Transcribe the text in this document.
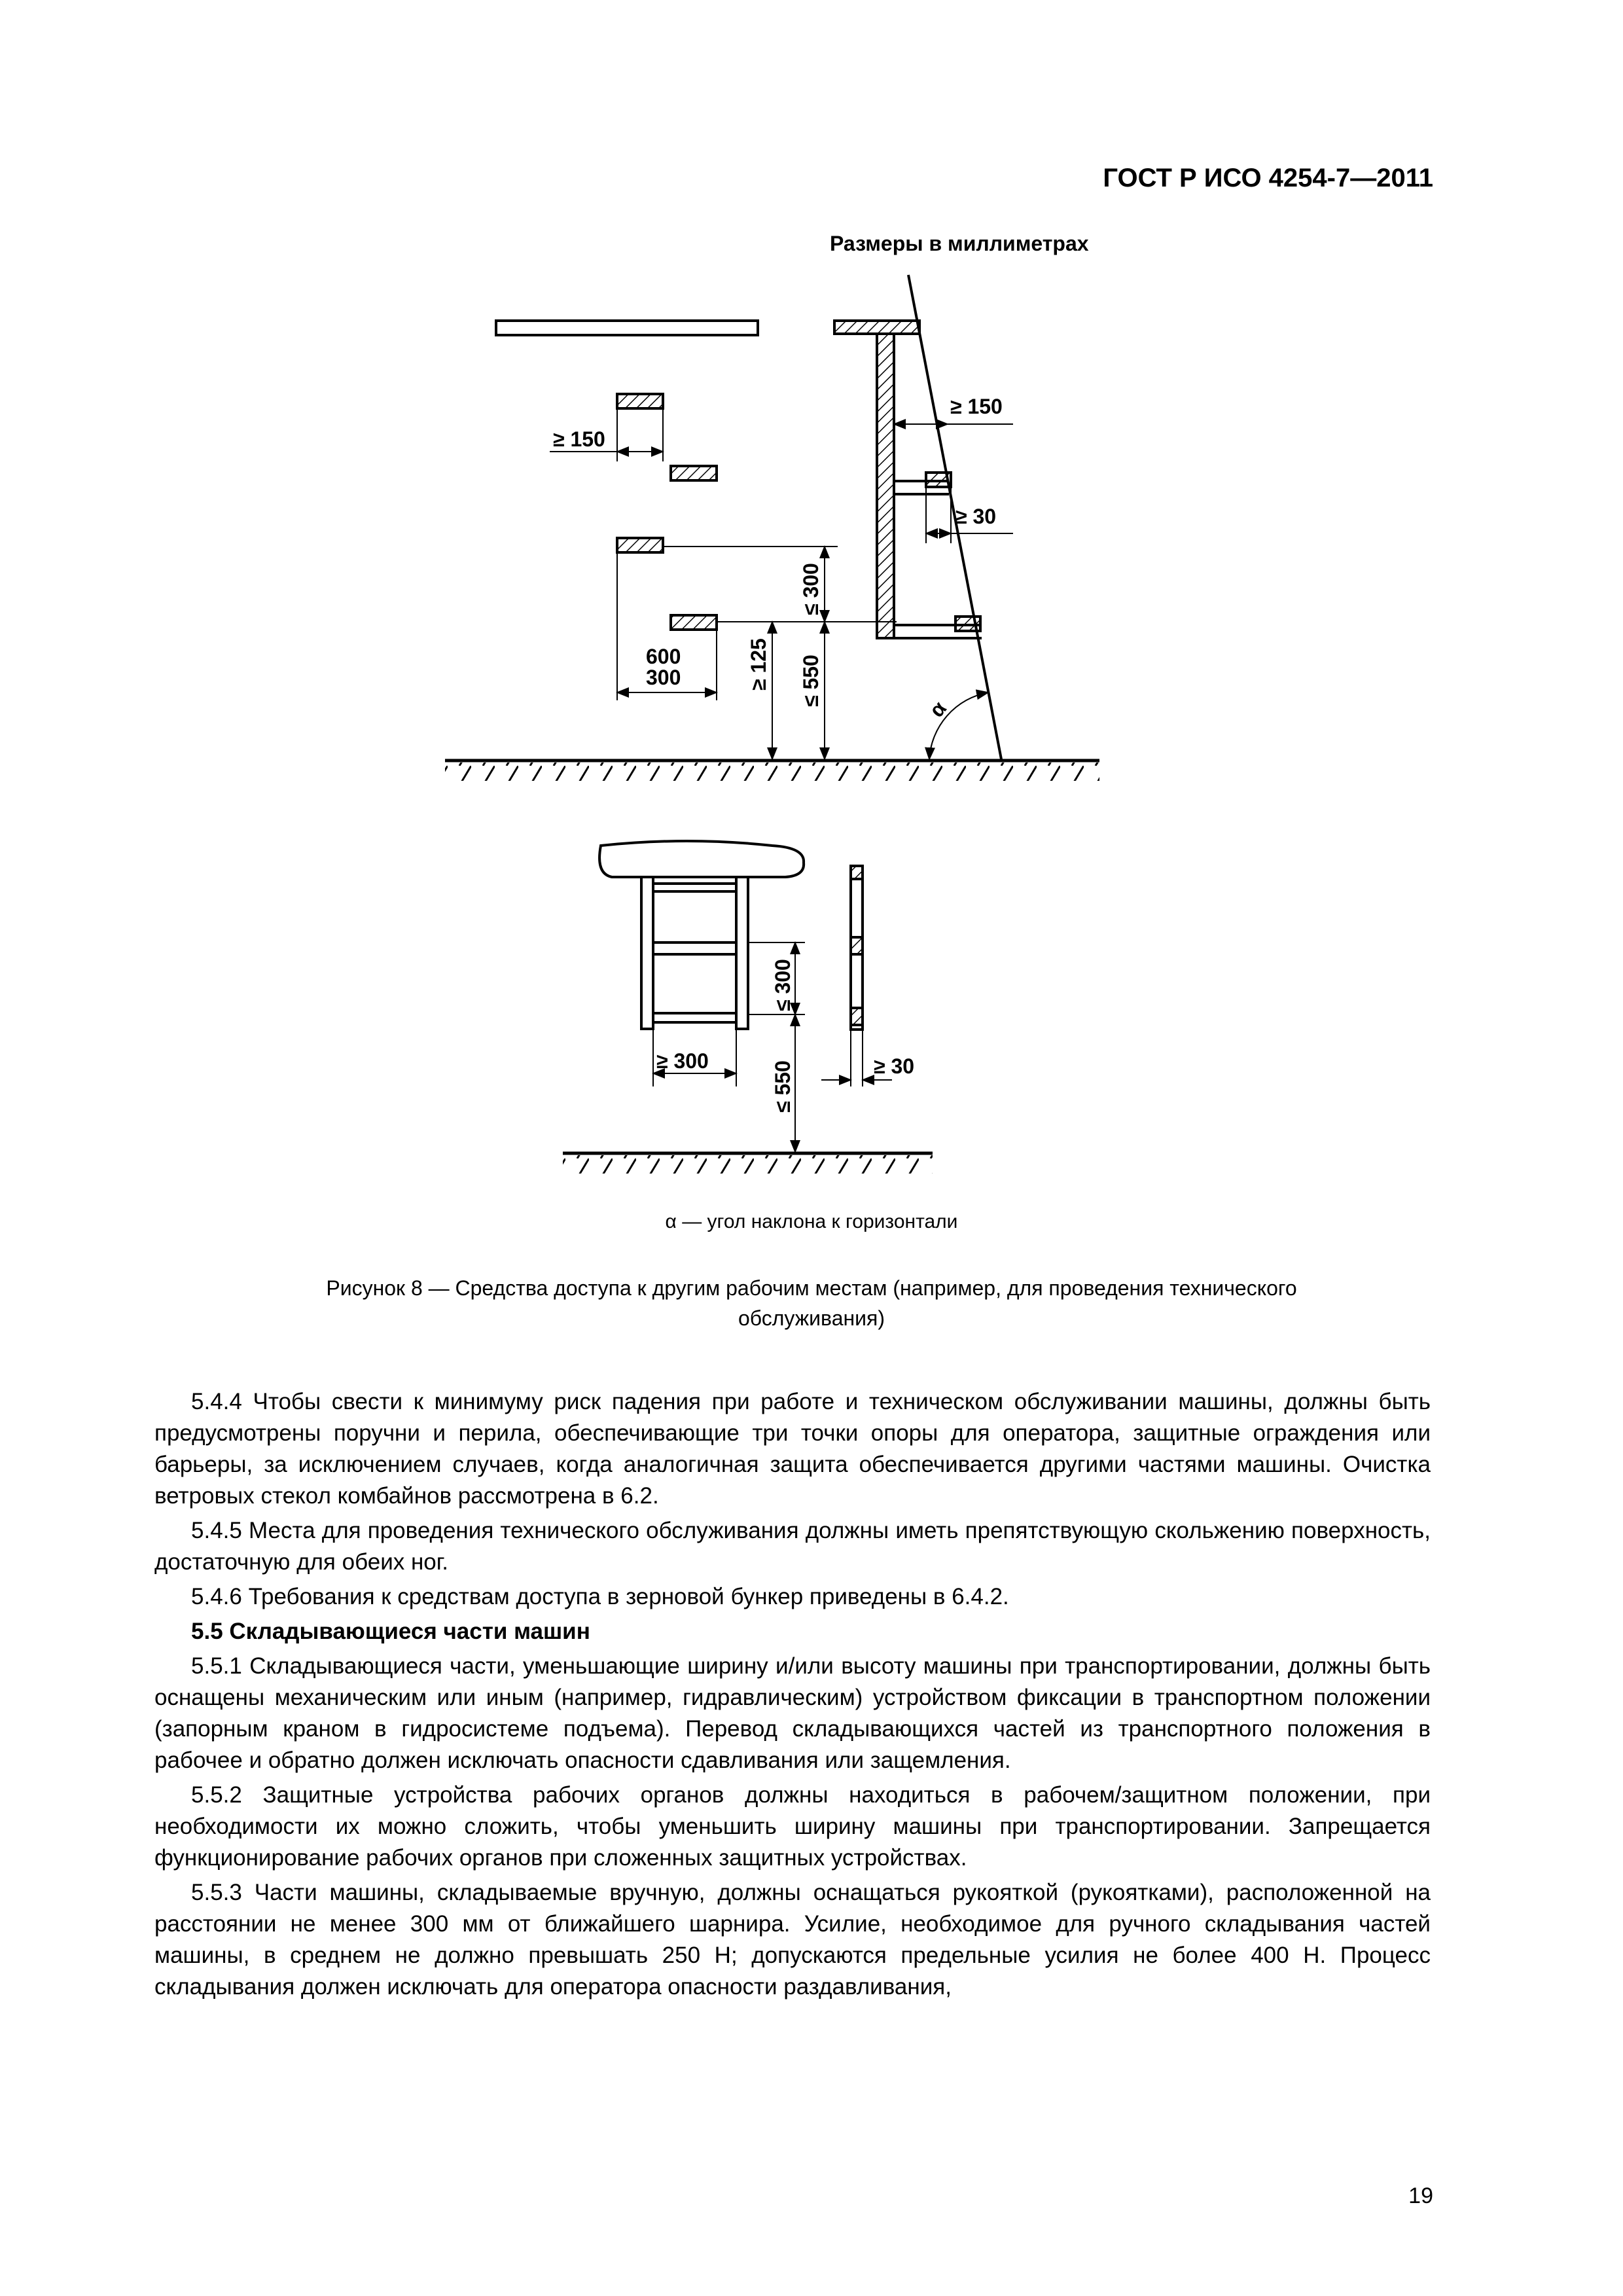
ГОСТ Р ИСО 4254-7—2011
Размеры в миллиметрах
≥ 150
≥ 150
≥ 30
600
300
≤ 300
≥ 125 ≤ 550
α
≤ 300
≥ 300	≤ 550	≥ 30
α — угол наклона к горизонтали
Рисунок 8 — Средства доступа к другим рабочим местам (например, для проведения технического
обслуживания)

5.4.4 Чтобы свести к минимуму риск падения при работе и техническом обслуживании машины, должны быть предусмотрены поручни и перила, обеспечивающие три точки опоры для оператора, защитные ограждения или барьеры, за исключением случаев, когда аналогичная защита обеспечивается другими частями машины. Очистка ветровых стекол комбайнов рассмотрена в 6.2.

5.4.5 Места для проведения технического обслуживания должны иметь препятствующую скольжению поверхность, достаточную для обеих ног.

5.4.6 Требования к средствам доступа в зерновой бункер приведены в 6.4.2.

5.5 Складывающиеся части машин

5.5.1 Складывающиеся части, уменьшающие ширину и/или высоту машины при транспортировании, должны быть оснащены механическим или иным (например, гидравлическим) устройством фиксации в транспортном положении (запорным краном в гидросистеме подъема). Перевод складывающихся частей из транспортного положения в рабочее и обратно должен исключать опасности сдавливания или защемления.

5.5.2 Защитные устройства рабочих органов должны находиться в рабочем/защитном положении, при необходимости их можно сложить, чтобы уменьшить ширину машины при транспортировании. Запрещается функционирование рабочих органов при сложенных защитных устройствах.

5.5.3 Части машины, складываемые вручную, должны оснащаться рукояткой (рукоятками), расположенной на расстоянии не менее 300 мм от ближайшего шарнира. Усилие, необходимое для ручного складывания частей машины, в среднем не должно превышать 250 Н; допускаются предельные усилия не более 400 Н. Процесс складывания должен исключать для оператора опасности раздавливания,

19
